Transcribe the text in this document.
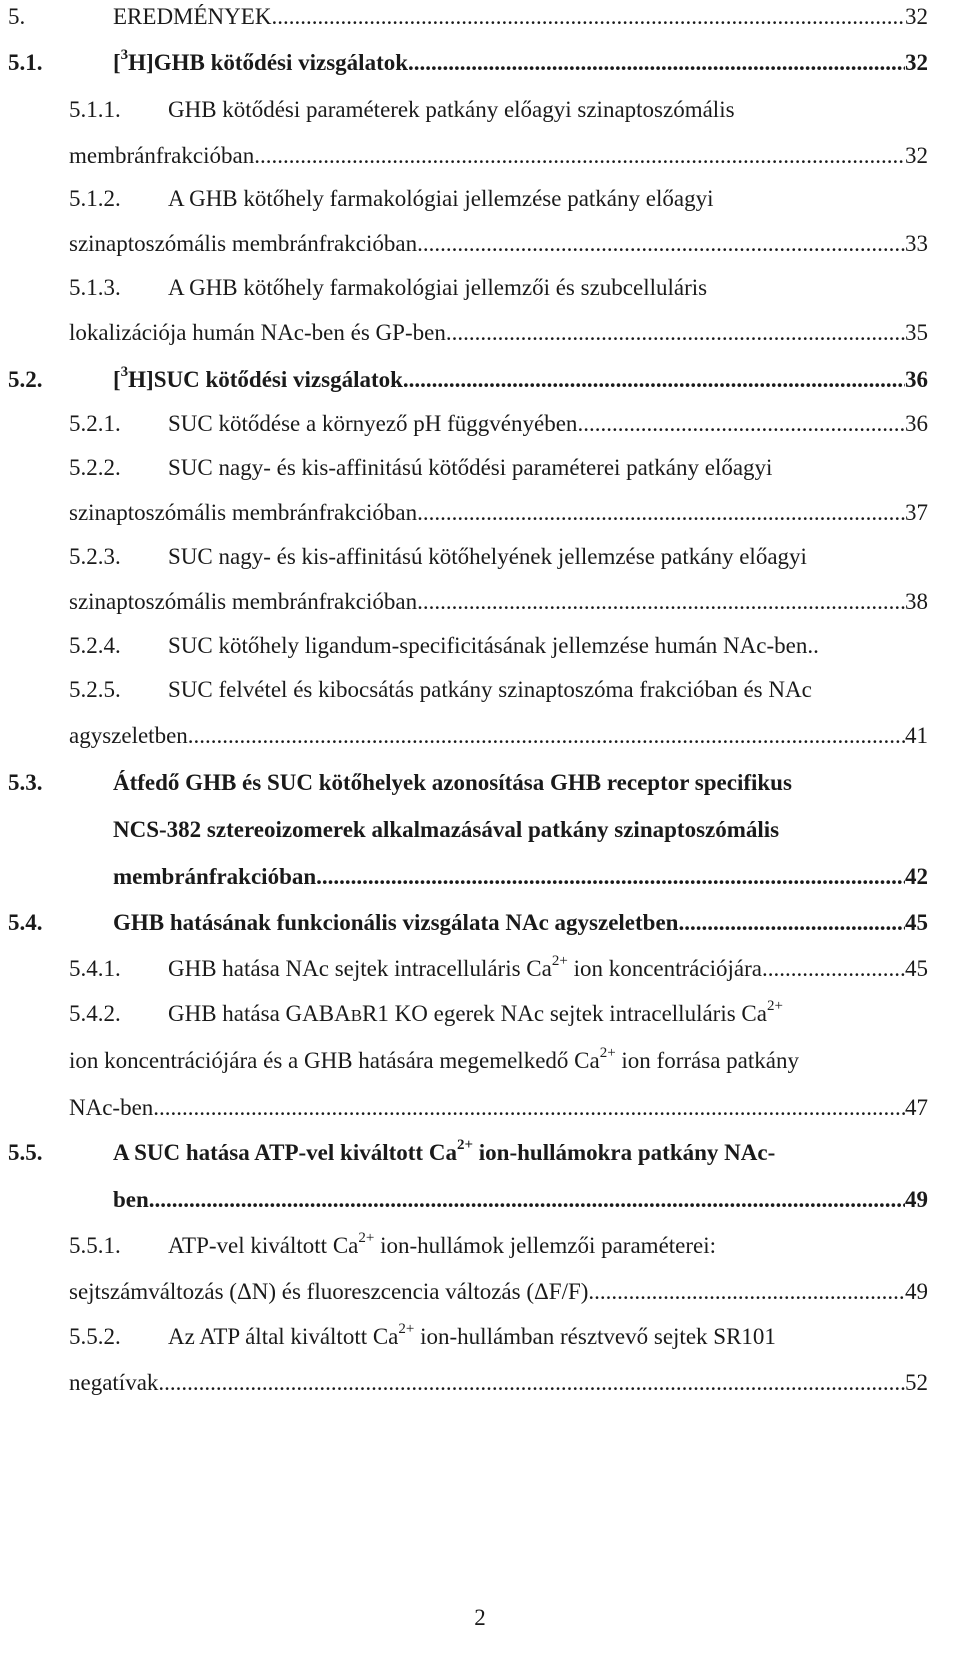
5.	EREDMÉNYEK .....	32
5.1.	[$^3$H]GHB kötődési vizsgálatok .....	32
5.1.1. GHB kötődési paraméterek patkány előagyi szinaptoszómális
membránfrakcióban .....	32
5.1.2. A GHB kötőhely farmakológiai jellemzése patkány előagyi
szinaptoszómális membránfrakcióban .....	33
5.1.3. A GHB kötőhely farmakológiai jellemzői és szubcelluláris
lokalizációja humán NAc-ben és GP-ben .....	35
5.2.	[$^3$H]SUC kötődési vizsgálatok .....	36
5.2.1. SUC kötődése a környező pH függvényében .....	36
5.2.2. SUC nagy- és kis-affinitású kötődési paraméterei patkány előagyi
szinaptoszómális membránfrakcióban .....	37
5.2.3. SUC nagy- és kis-affinitású kötőhelyének jellemzése patkány előagyi
szinaptoszómális membránfrakcióban .....	38
5.2.4. SUC kötőhely ligandum-specificitásának jellemzése humán NAc-ben..
5.2.5. SUC felvétel és kibocsátás patkány szinaptoszóma frakcióban és NAc
agyszeletben .....	41
5.3.	Átfedő GHB és SUC kötőhelyek azonosítása GHB receptor specifikus
NCS-382 sztereoizomerek alkalmazásával patkány szinaptoszómális
membránfrakcióban .....	42
5.4.	GHB hatásának funkcionális vizsgálata NAc agyszeletben .....	45
5.4.1. GHB hatása NAc sejtek intracelluláris $Ca^{2+}$ ion koncentrációjára .....	45
5.4.2. GHB hatása GABABR1 KO egerek NAc sejtek intracelluláris $Ca^{2+}$
ion koncentrációjára és a GHB hatására megemelkedő $Ca^{2+}$ ion forrása patkány
NAc-ben .....	47
5.5.	A SUC hatása ATP-vel kiváltott $Ca^{2+}$ ion-hullámokra patkány NAc-
ben .....	49
5.5.1. ATP-vel kiváltott $Ca^{2+}$ ion-hullámok jellemzői paraméterei:
sejtszámváltozás (ΔN) és fluoreszcencia változás (ΔF/F) .....	49
5.5.2. Az ATP által kiváltott $Ca^{2+}$ ion-hullámban résztvevő sejtek SR101
negatívak .....	52
2
